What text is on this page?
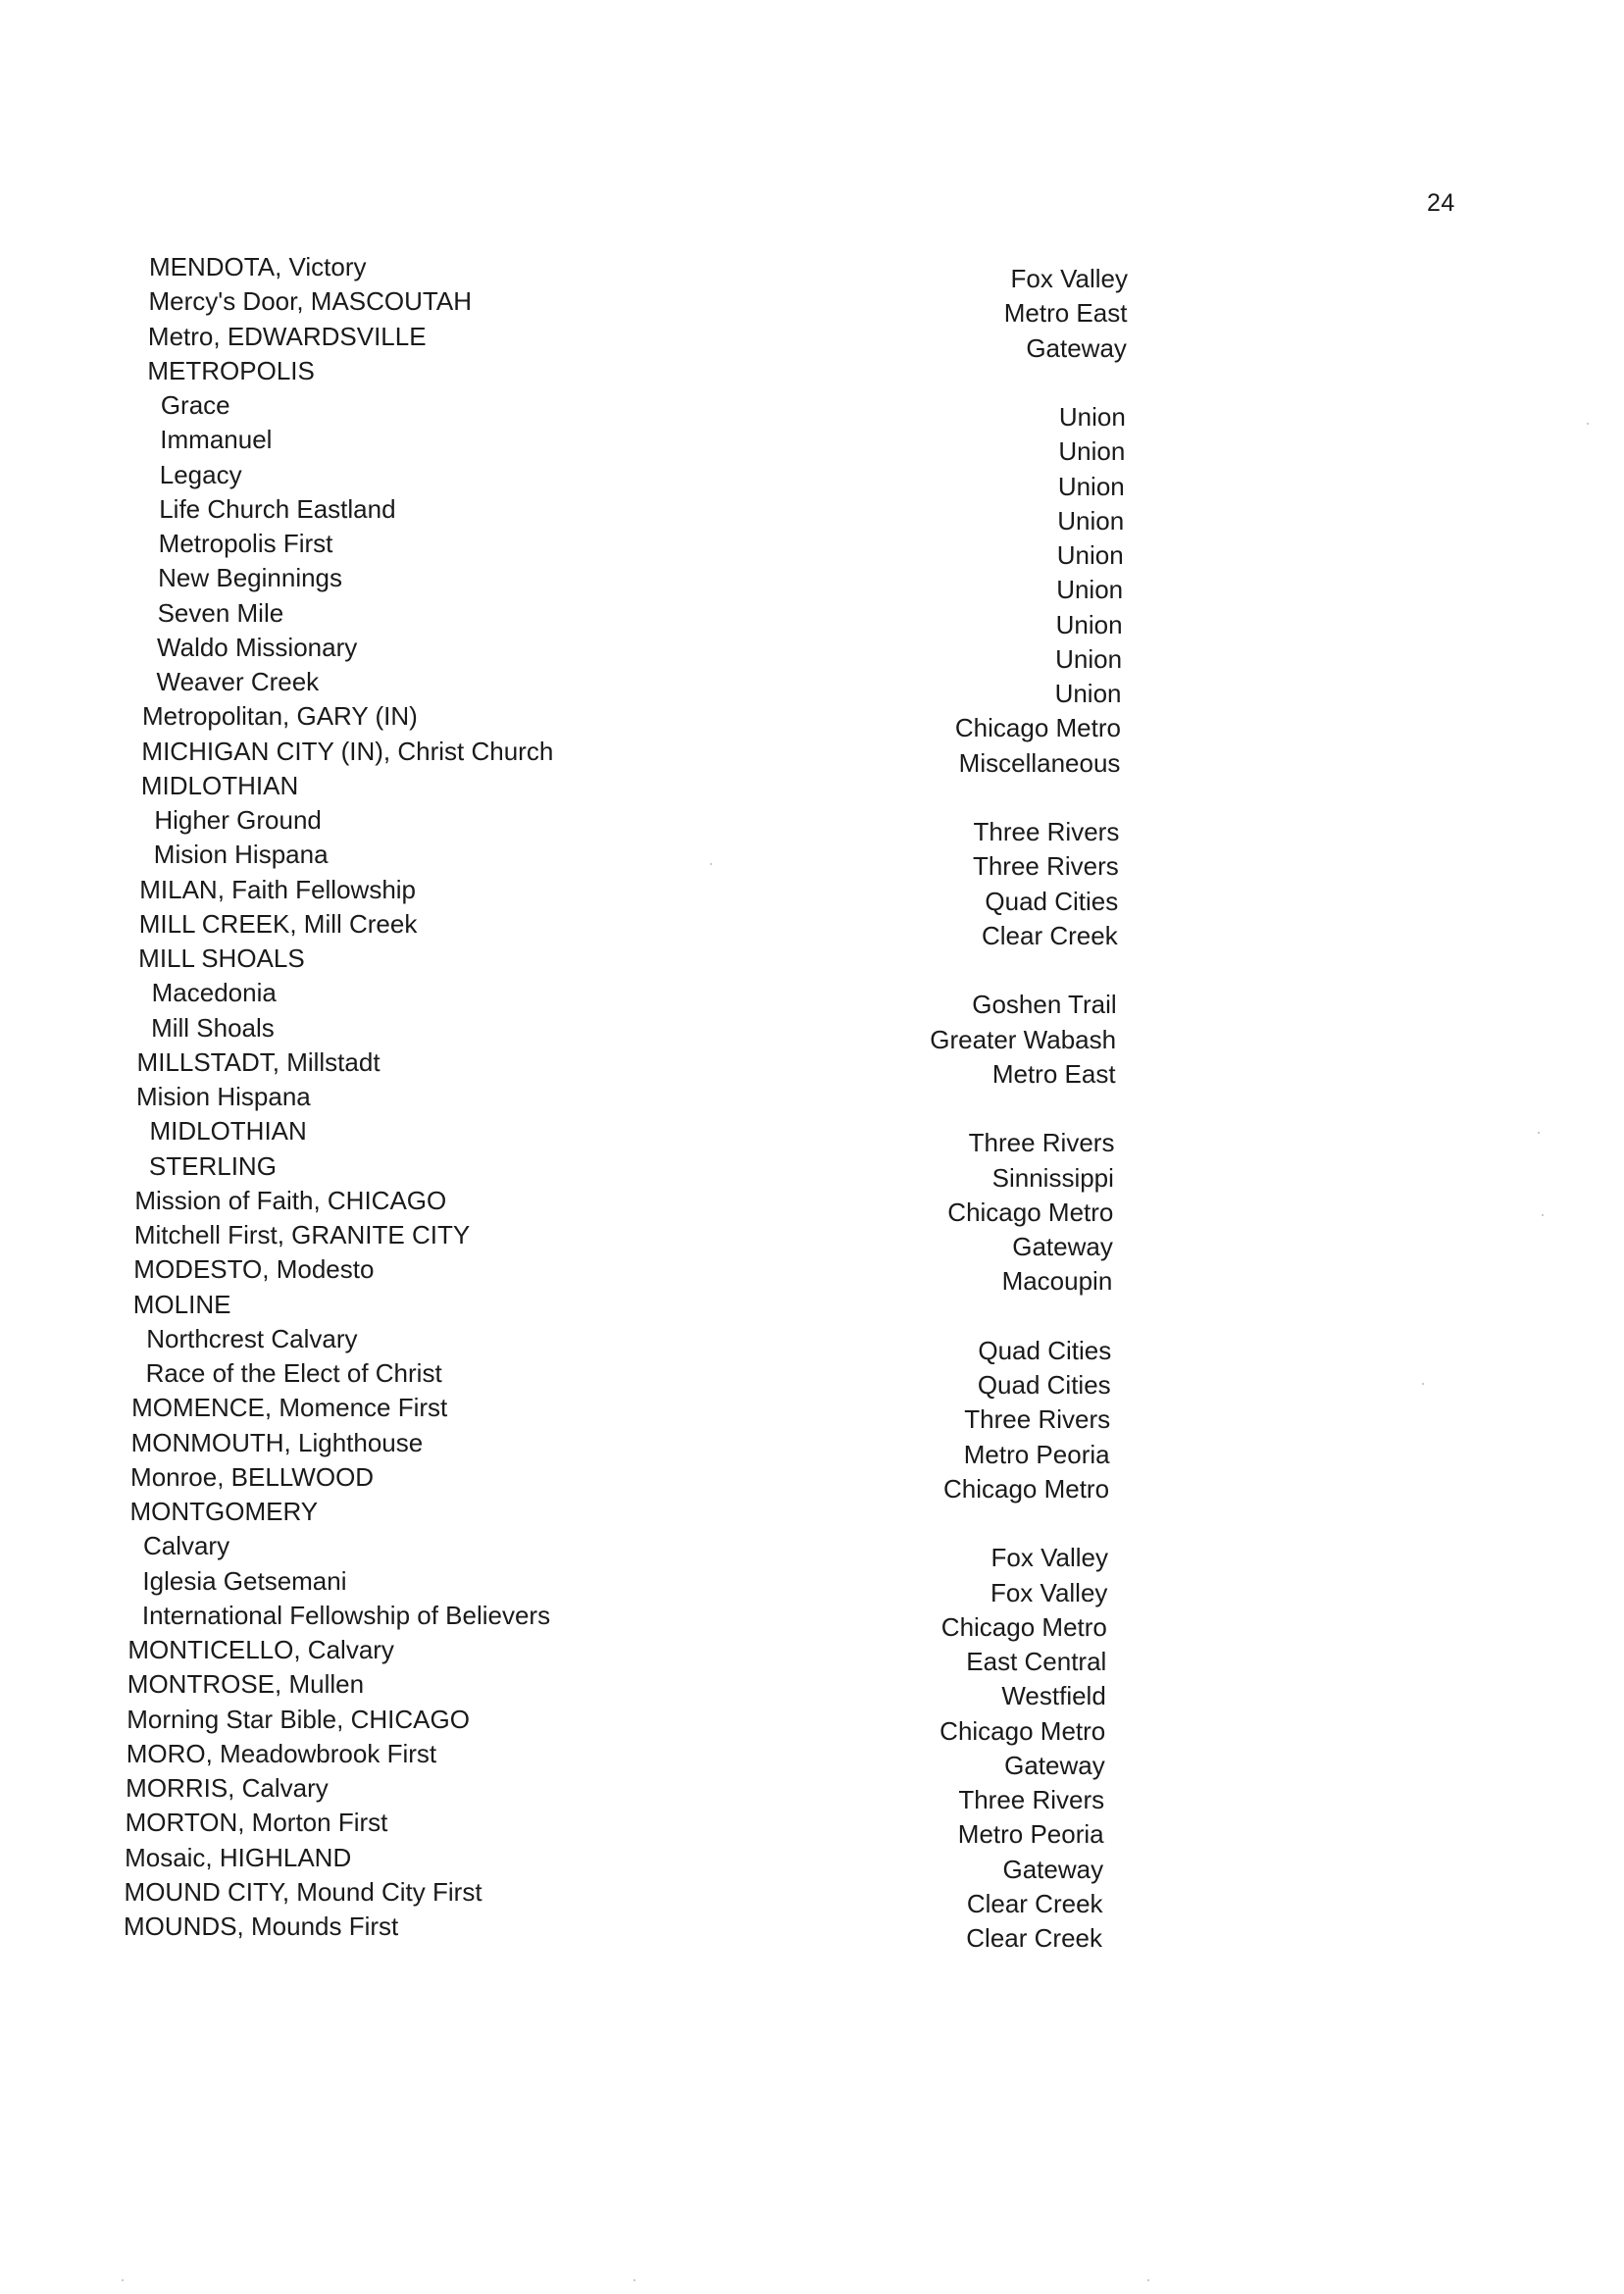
24
MENDOTA, Victory	Fox Valley
Mercy's Door, MASCOUTAH	Metro East
Metro, EDWARDSVILLE	Gateway
METROPOLIS
Grace	Union
Immanuel	Union
Legacy	Union
Life Church Eastland	Union
Metropolis First	Union
New Beginnings	Union
Seven Mile	Union
Waldo Missionary	Union
Weaver Creek	Union
Metropolitan, GARY (IN)	Chicago Metro
MICHIGAN CITY (IN), Christ Church	Miscellaneous
MIDLOTHIAN
Higher Ground	Three Rivers
Mision Hispana	Three Rivers
MILAN, Faith Fellowship	Quad Cities
MILL CREEK, Mill Creek	Clear Creek
MILL SHOALS
Macedonia	Goshen Trail
Mill Shoals	Greater Wabash
MILLSTADT, Millstadt	Metro East
Mision Hispana
MIDLOTHIAN	Three Rivers
STERLING	Sinnissippi
Mission of Faith, CHICAGO	Chicago Metro
Mitchell First, GRANITE CITY	Gateway
MODESTO, Modesto	Macoupin
MOLINE
Northcrest Calvary	Quad Cities
Race of the Elect of Christ	Quad Cities
MOMENCE, Momence First	Three Rivers
MONMOUTH, Lighthouse	Metro Peoria
Monroe, BELLWOOD	Chicago Metro
MONTGOMERY
Calvary	Fox Valley
Iglesia Getsemani	Fox Valley
International Fellowship of Believers	Chicago Metro
MONTICELLO, Calvary	East Central
MONTROSE, Mullen	Westfield
Morning Star Bible, CHICAGO	Chicago Metro
MORO, Meadowbrook First	Gateway
MORRIS, Calvary	Three Rivers
MORTON, Morton First	Metro Peoria
Mosaic, HIGHLAND	Gateway
MOUND CITY, Mound City First	Clear Creek
MOUNDS, Mounds First	Clear Creek
